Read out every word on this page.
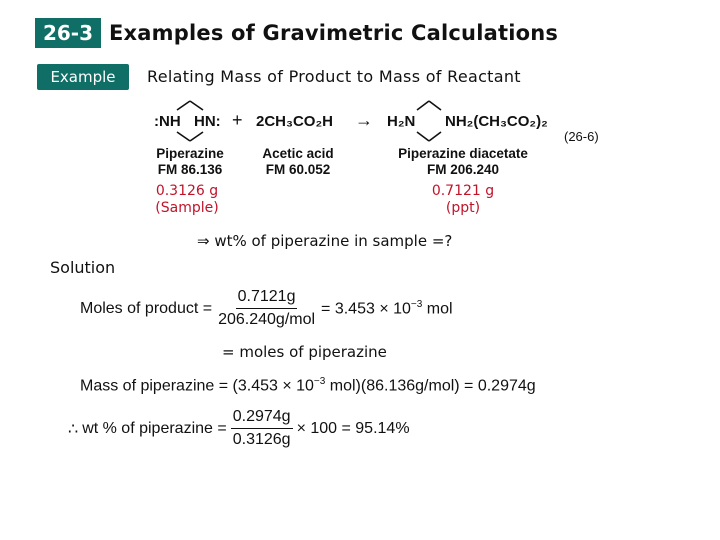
26-3 Examples of Gravimetric Calculations
Example	Relating Mass of Product to Mass of Reactant
:NH HN: + 2CH₃CO₂H → H₂N NH₂(CH₃CO₂)₂
(26-6)
Piperazine
FM 86.136
Acetic acid
FM 60.052
Piperazine diacetate
FM 206.240
0.3126 g
(Sample)
0.7121 g
(ppt)
⇒ wt% of piperazine in sample =?
Solution
Moles of product = $\frac{0.7121g}{\text{206.240g/mol}} = 3.453 \times 10^{-3}$ mol
= moles of piperazine
Mass of piperazine = ($3.453 \times 10^{-3}$ mol)(86.136g/mol) = 0.2974g
∴ wt % of piperazine = $\frac{0.2974g}{0.3126g} \times 100 = 95.14\%$
